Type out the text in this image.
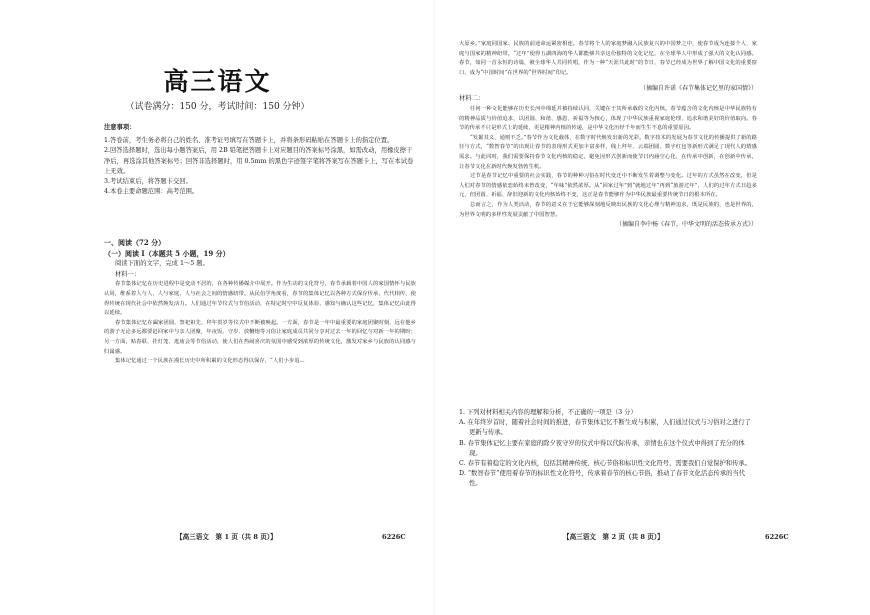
高三语文
（试卷满分：150 分，考试时间：150 分钟）

注意事项：

1.答卷前，考生务必将自己的姓名、准考证号填写在答题卡上，并将条形码粘贴在答题卡上的指定位置。

2.回答选择题时，选出每小题答案后，用 2B 铅笔把答题卡上对应题目的答案标号涂黑，如需改动，用橡皮擦干净后，再选涂其他答案标号；回答非选择题时，用 0.5mm 的黑色字迹签字笔将答案写在答题卡上，写在本试卷上无效。

3.考试结束后，将答题卡交回。

4.本卷主要命题范围：高考范围。

一、阅读（72 分）

（一）阅读 Ⅰ（本题共 5 小题，19 分）

阅读下面的文字，完成 1～5 题。

材料一：

春节集体记忆在历史进程中是变动不居的，在各种传播媒介中展开。作为生动的文化符号，春节承载着中国人的家国情怀与民族认同，维系着人与人、人与家庭、人与社会之间的情感纽带。从民俗学角度看，春节的集体记忆以各种方式保存传承，代代相传，使得传统在现代社会中依然焕发活力。人们通过年节仪式与节俗活动，在特定时空中反复体验、感知与确认这些记忆，集体记忆由此得以延续。

春节集体记忆在阖家团圆、祭祀祖先、拜年贺岁等仪式中不断被唤起。一方面，春节是一年中最重要的家庭团聚时刻，远在他乡的游子无论多远都要赶回家中与亲人团聚，年夜饭、守岁、放鞭炮等习俗让家庭成员共同分享对过去一年的回忆与对新一年的期盼；另一方面，贴春联、挂灯笼、逛庙会等节俗活动，使人们在热闹喜庆的氛围中感受到浓厚的传统文化，激发对家乡与民族的认同感与归属感。

集体记忆通过一个民族在漫长历史中所积累的文化形态得以保存，“人们小步追...

【高三语文　第 1 页（共 8 页）】	6226C

大原乡。”家庭同国家、民族的前途命运紧密相连。春节将个人的家庭梦融入民族复兴的中国梦之中，使春节成为连接个人、家庭与国家的精神纽带。“过年”使得五湖四海的华人都能够共享这份独特的文化记忆，在全球华人中形成了强大的文化认同感。春节，如同一首永恒的诗篇，被全球华人共同传唱，作为一种“天涯共此时”的节日，春节已经成为世界了解中国文化的重要窗口，成为“中国时间”在世界的“世界时间”印记。

（摘编自许诺《春节集体记忆里的家国情》）

材料二：

任何一种文化能够在历史长河中绵延并被持续认同，关键在于其所承载的文化内核。春节蕴含的文化内核是中华民族特有的精神品质与价值追求，以团圆、和谐、感恩、祈福等为核心，体现了中华民族重视家庭伦理、追求和谐美好的价值取向。春节的传承不只是形式上的延续，更是精神内核的传递，是中华文化历经千年而生生不息的重要原因。

“发掘其义，通则不乏。”春节作为文化载体，在数字时代焕发出新的光彩。数字技术的发展为春节文化的传播提供了新的路径与方式，“数智春节”的出现让春节的表现形式更加丰富多样，线上拜年、云端团圆、数字红包等新形式满足了现代人的情感需求。与此同时，我们需要保持春节文化内核的稳定，避免因形式创新而使节日内涵空心化，在传承中创新，在创新中传承，让春节文化在新时代焕发勃勃生机。

过节是春节记忆中重要的社会实践，春节的种种习俗在时代变迁中不断发生着调整与变化。过年的方式虽然在改变，但是人们对春节的情感依恋始终未曾改变，“年味”依然浓厚。从“回家过年”到“就地过年”再到“旅游过年”，人们的过年方式日趋多元，但团圆、祈福、辞旧迎新的文化内核始终不变，这正是春节能够作为中华民族最重要传统节日的根本所在。

总而言之，作为人类活动，春节的意义在于它能够深刻地反映出民族的文化心理与精神追求，既是民族的，也是世界的，为世界文明的多样性发展贡献了中国智慧。

（摘编自李中杨《春节，中华文明的活态传承方式》）

1. 下列对材料相关内容的理解和分析，不正确的一项是（3 分）

A. 在年终岁首时，随着社会时间的推进，春节集体记忆不断生成与积累，人们通过仪式与习俗对之进行了更新与传承。

B. 春节集体记忆主要在家庭的除夕夜守岁的仪式中得以代际传承，亲情也在这个仪式中得到了充分的体现。

C. 春节有着稳定的文化内核，包括其精神传统、核心节俗和标识性文化符号，需要我们自觉保护和传承。

D. “数智春节”使用着春节的标识性文化符号，传承着春节的核心节俗，推动了春节文化活态传承的当代性。

【高三语文　第 2 页（共 8 页）】	6226C
